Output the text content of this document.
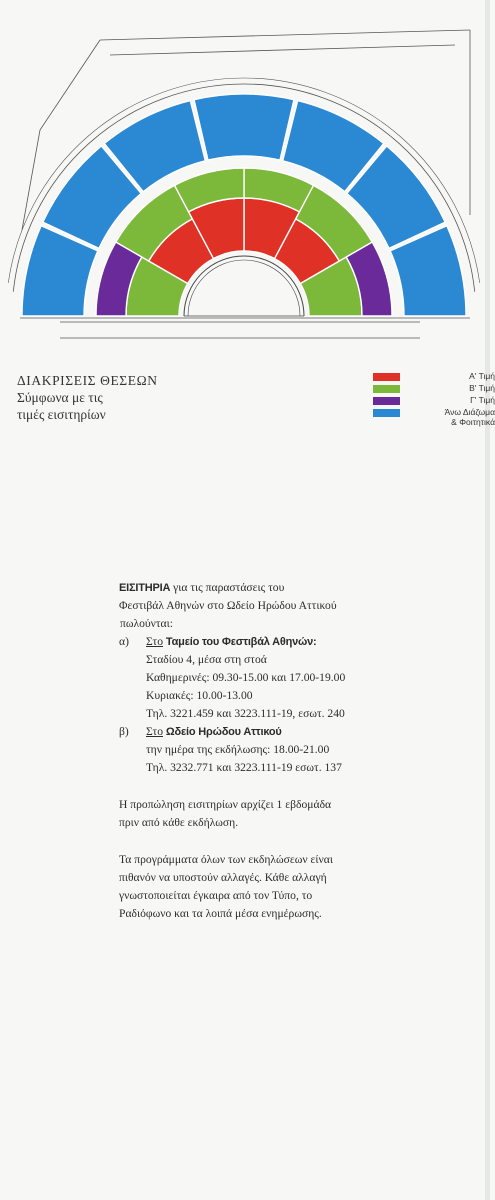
ΔΙΑΚΡΙΣΕΙΣ ΘΕΣΕΩΝ
Σύμφωνα με τις
τιμές εισιτηρίων
Α' Τιμή
Β' Τιμή
Γ' Τιμή
Άνω Διάζωμα
& Φοιτητικά

ΕΙΣΙΤΗΡΙΑ για τις παραστάσεις του

Φεστιβάλ Αθηνών στο Ωδείο Ηρώδου Αττικού

πωλούνται:

α)	Στο Ταμείο του Φεστιβάλ Αθηνών:

Σταδίου 4, μέσα στη στοά

Καθημερινές: 09.30-15.00 και 17.00-19.00

Κυριακές: 10.00-13.00

Τηλ. 3221.459 και 3223.111-19, εσωτ. 240

β)	Στο Ωδείο Ηρώδου Αττικού

την ημέρα της εκδήλωσης: 18.00-21.00

Τηλ. 3232.771 και 3223.111-19 εσωτ. 137

Η προπώληση εισιτηρίων αρχίζει 1 εβδομάδα

πριν από κάθε εκδήλωση.

Τα προγράμματα όλων των εκδηλώσεων είναι

πιθανόν να υποστούν αλλαγές. Κάθε αλλαγή

γνωστοποιείται έγκαιρα από τον Τύπο, το

Ραδιόφωνο και τα λοιπά μέσα ενημέρωσης.
